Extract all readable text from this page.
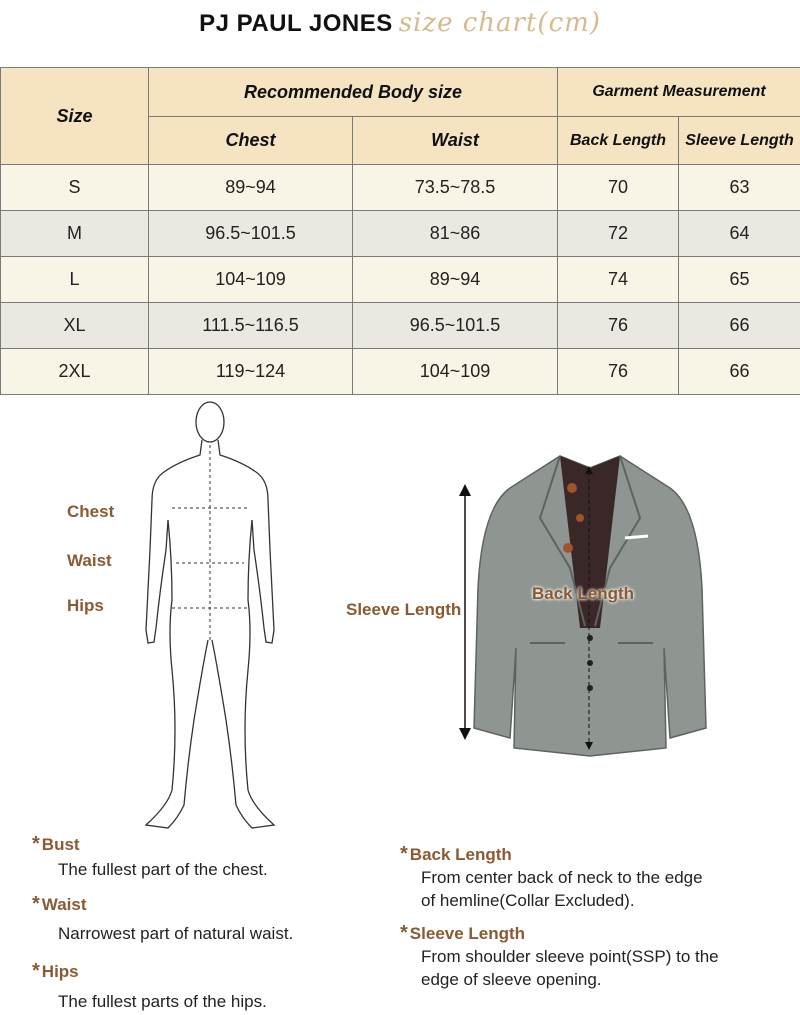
PJ PAUL JONES size chart(cm)
Size	Recommended Body size		Garment Measurement	
	Chest	Waist	Back Length	Sleeve Length
S	89~94	73.5~78.5	70	63
M	96.5~101.5	81~86	72	64
L	104~109	89~94	74	65
XL	111.5~116.5	96.5~101.5	76	66
2XL	119~124	104~109	76	66
Chest
Waist
Hips	Sleeve Length
Back Length
* Bust
The fullest part of the chest.
* Waist
Narrowest part of natural waist.
* Hips
The fullest parts of the hips.
* Back Length
From center back of neck to the edge
of hemline(Collar Excluded).
* Sleeve Length
From shoulder sleeve point(SSP) to the
edge of sleeve opening.
